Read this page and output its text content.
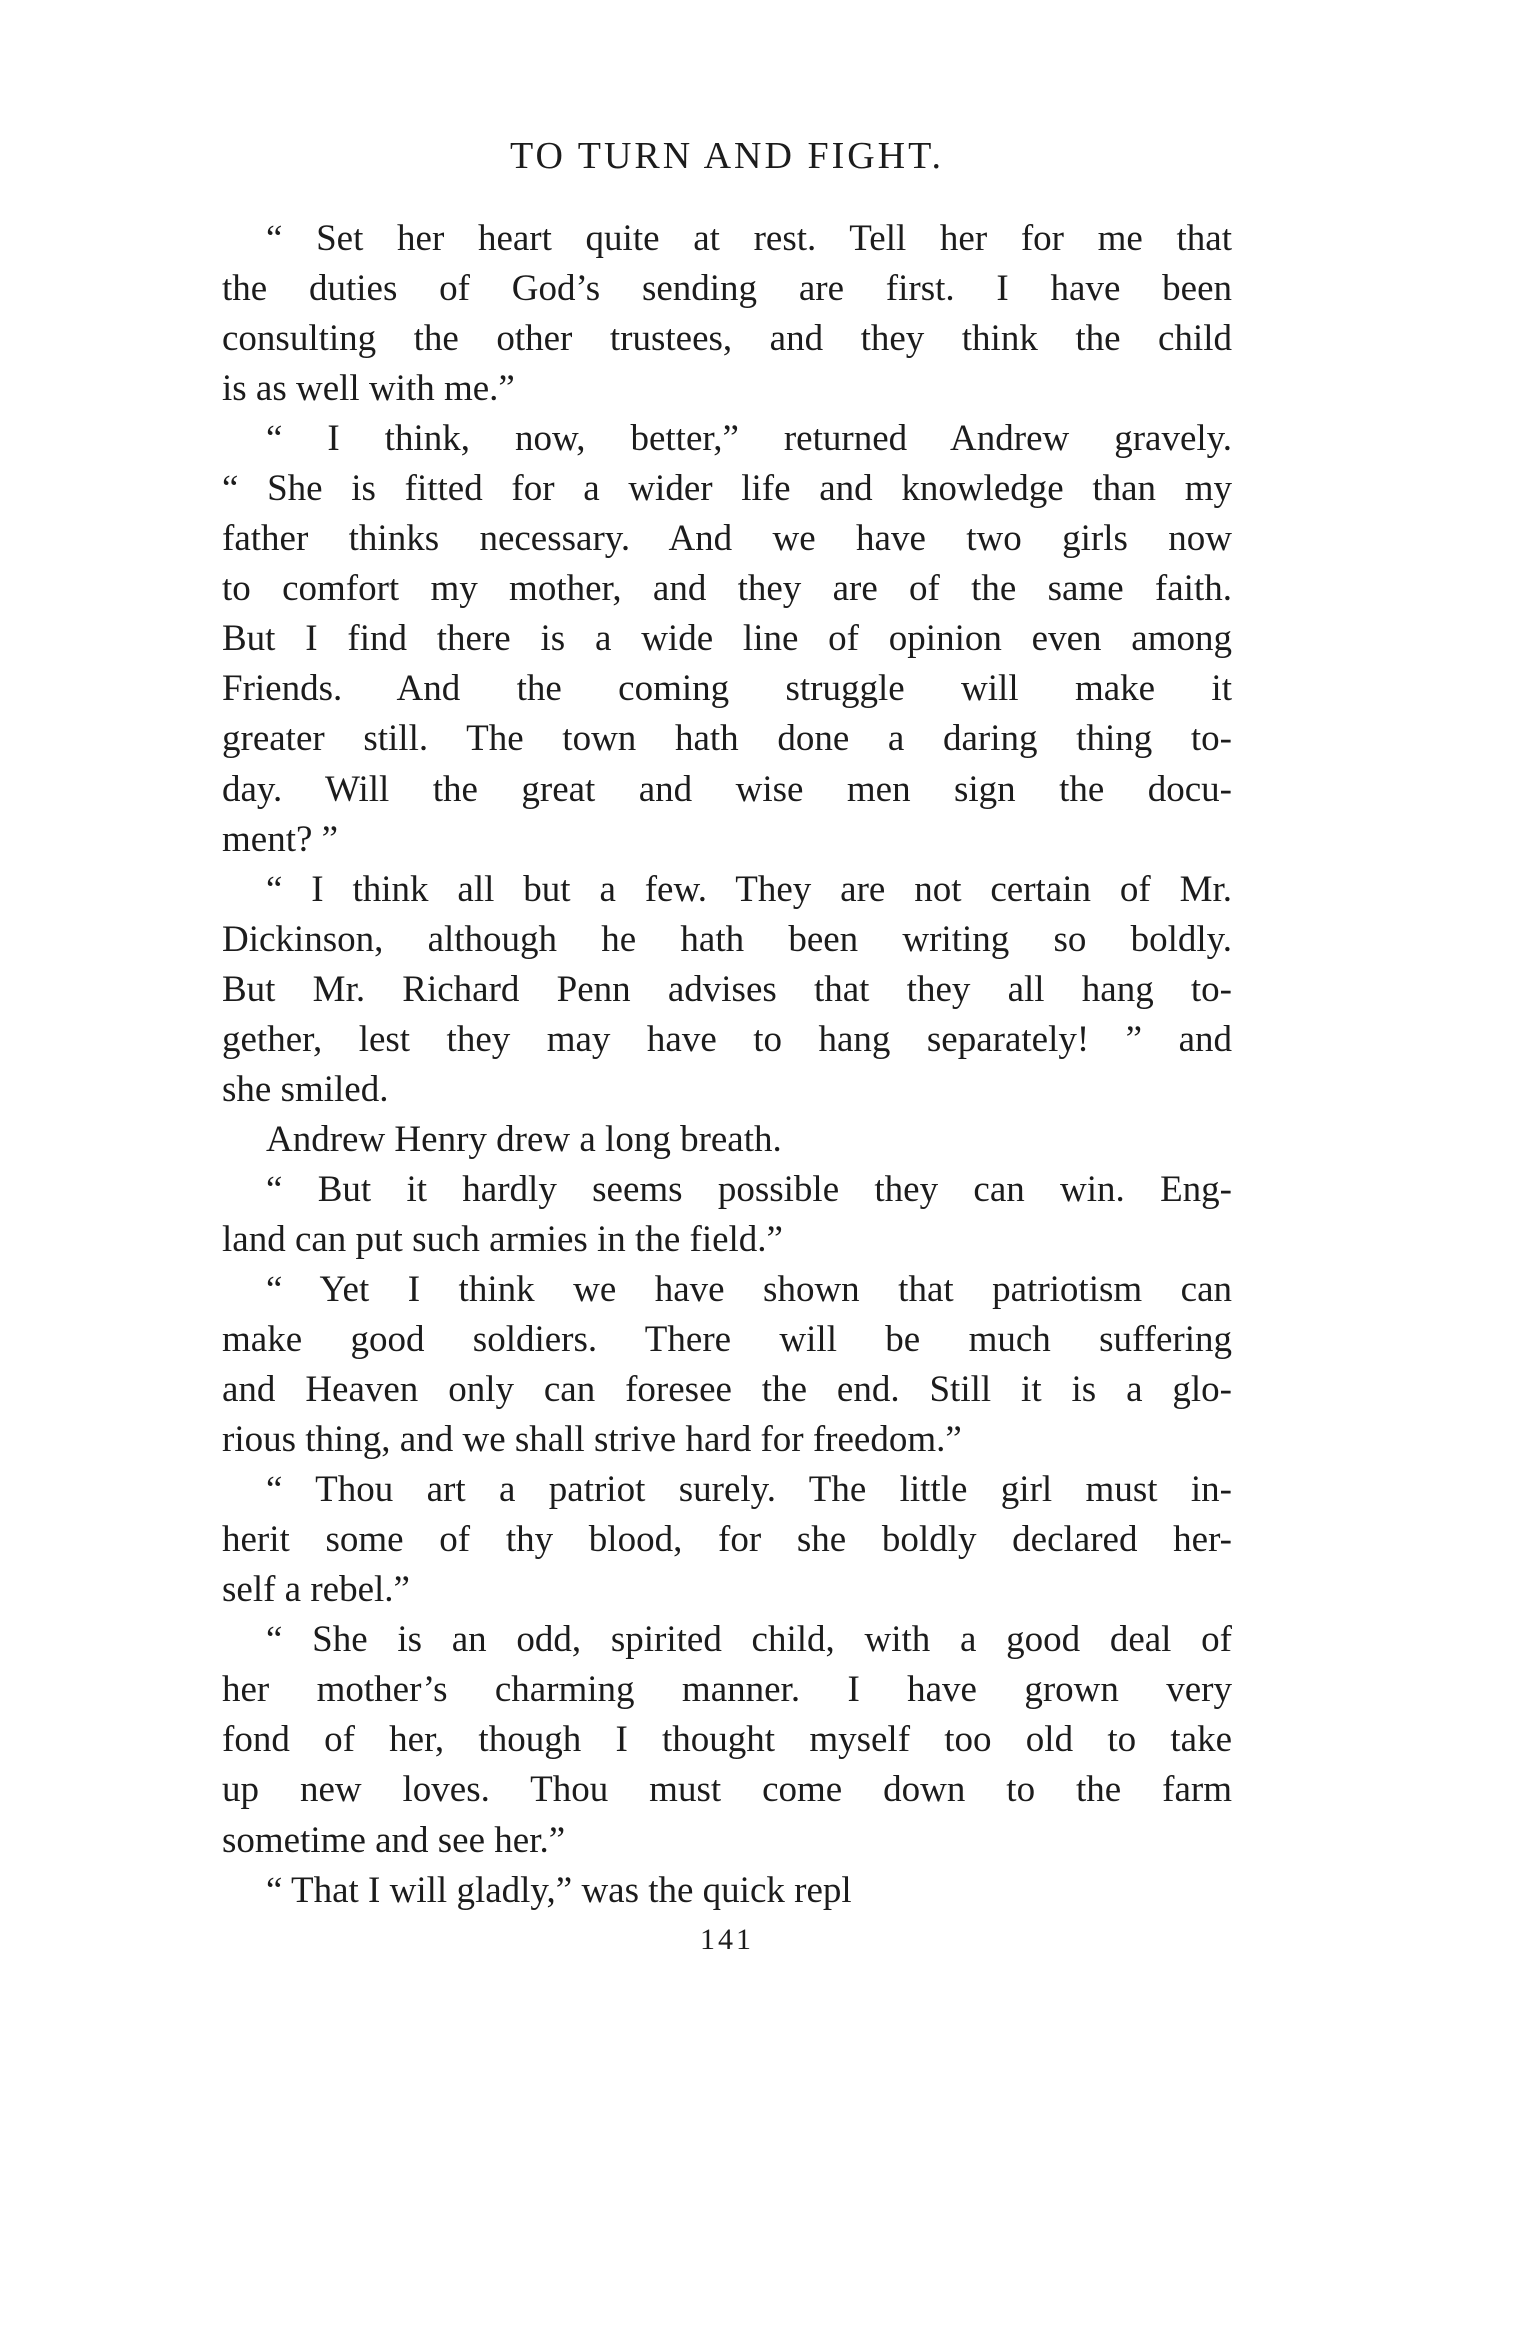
TO TURN AND FIGHT.
“ Set her heart quite at rest. Tell her for me that
the duties of God’s sending are first. I have been
consulting the other trustees, and they think the child
is as well with me.”
“ I think, now, better,” returned Andrew gravely.
“ She is fitted for a wider life and knowledge than my
father thinks necessary. And we have two girls now
to comfort my mother, and they are of the same faith.
But I find there is a wide line of opinion even among
Friends. And the coming struggle will make it
greater still. The town hath done a daring thing to-
day. Will the great and wise men sign the docu-
ment? ”
“ I think all but a few. They are not certain of Mr.
Dickinson, although he hath been writing so boldly.
But Mr. Richard Penn advises that they all hang to-
gether, lest they may have to hang separately! ” and
she smiled.
Andrew Henry drew a long breath.
“ But it hardly seems possible they can win. Eng-
land can put such armies in the field.”
“ Yet I think we have shown that patriotism can
make good soldiers. There will be much suffering
and Heaven only can foresee the end. Still it is a glo-
rious thing, and we shall strive hard for freedom.”
“ Thou art a patriot surely. The little girl must in-
herit some of thy blood, for she boldly declared her-
self a rebel.”
“ She is an odd, spirited child, with a good deal of
her mother’s charming manner. I have grown very
fond of her, though I thought myself too old to take
up new loves. Thou must come down to the farm
sometime and see her.”
“ That I will gladly,” was the quick repl
141
